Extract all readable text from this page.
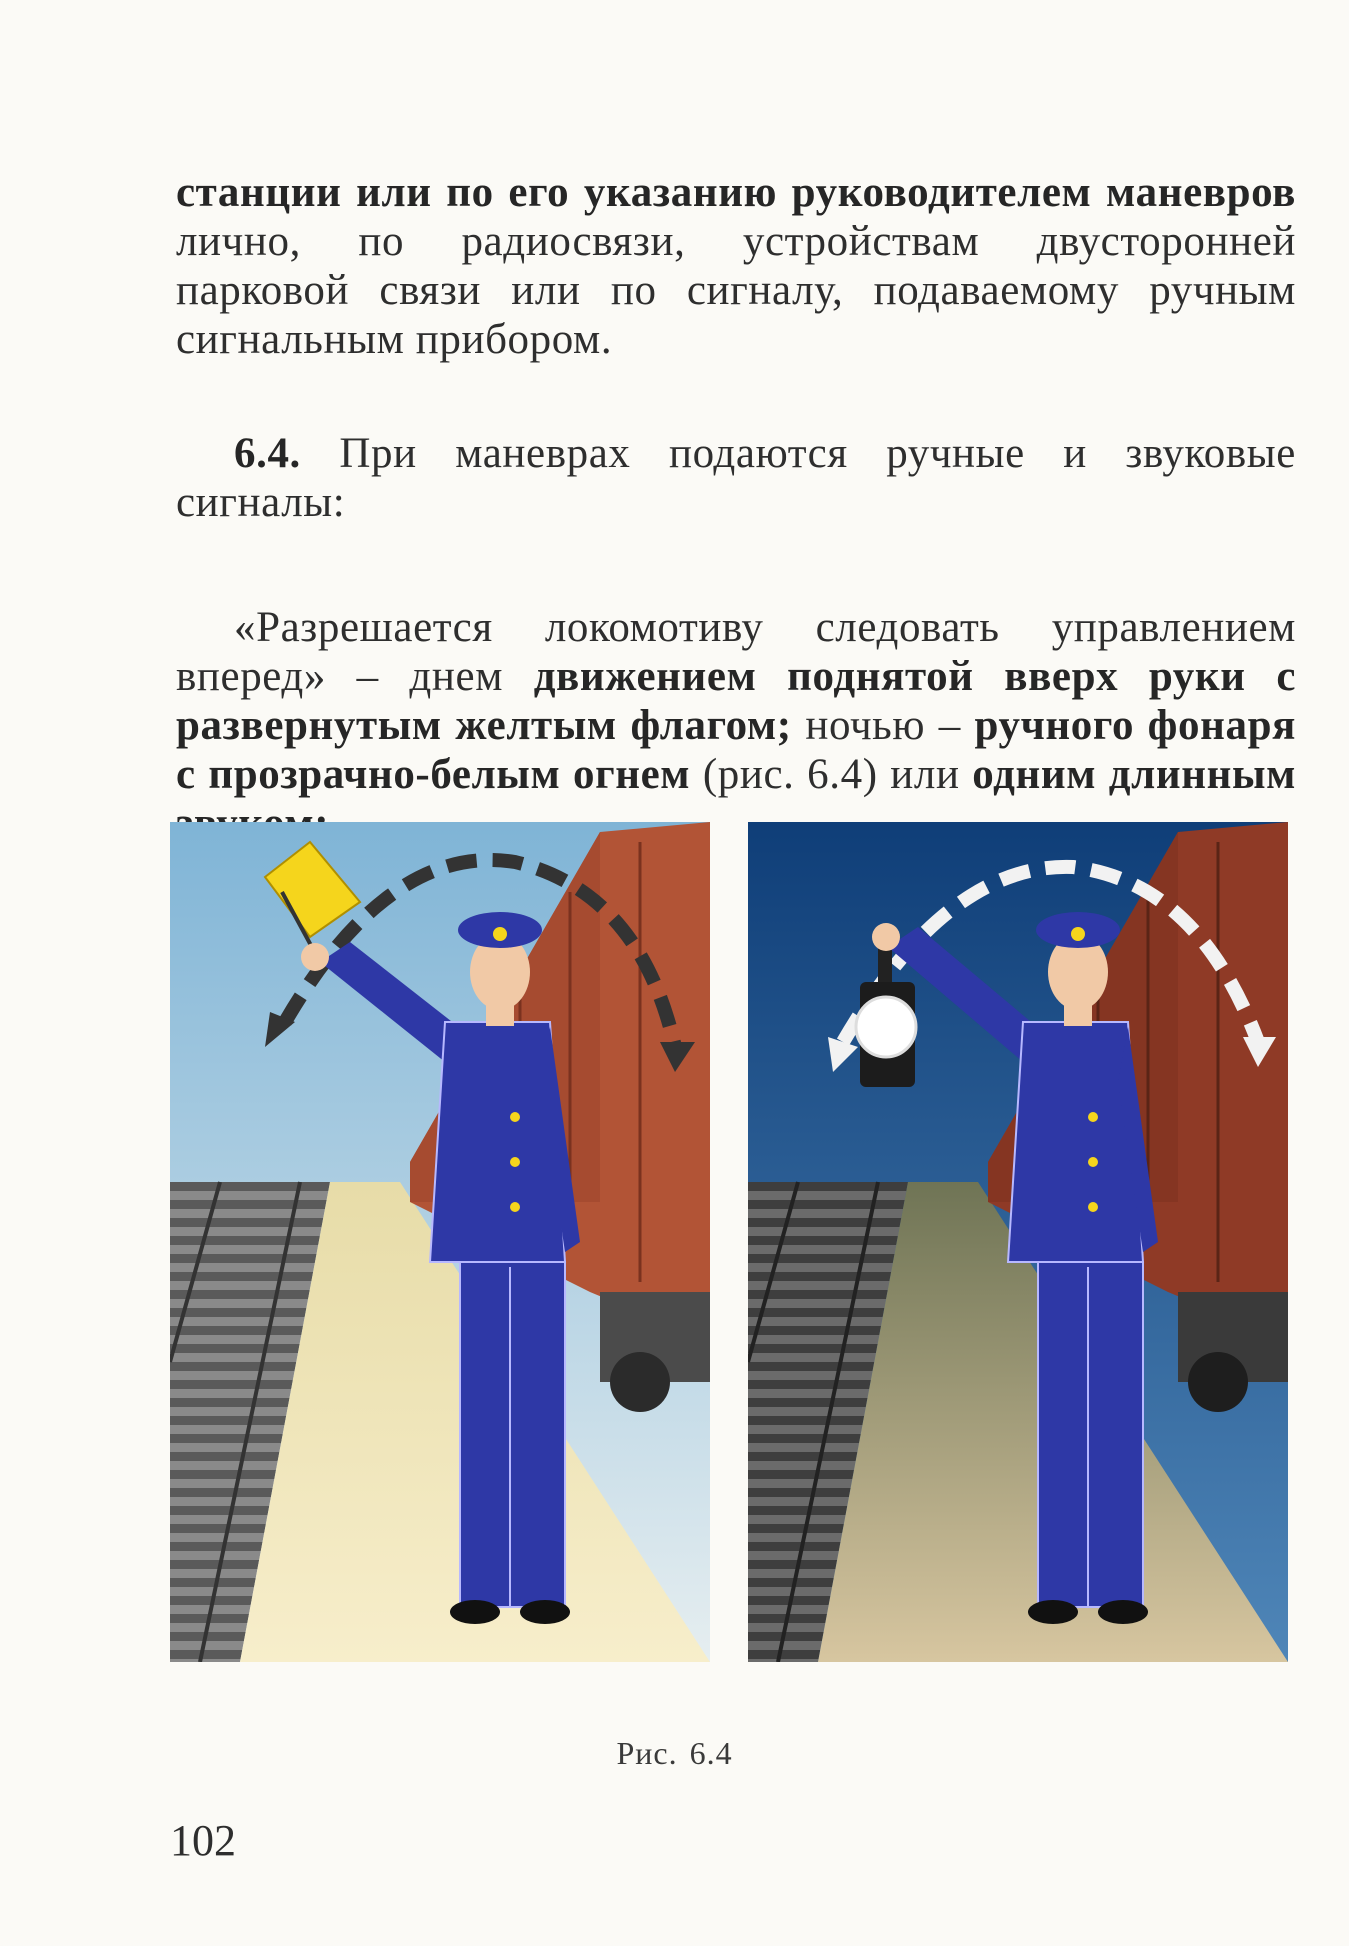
станции или по его указанию руководителем маневров лично, по радиосвязи, устройствам двусторонней парковой связи или по сигналу, подаваемому ручным сигнальным прибором.

6.4. При маневрах подаются ручные и звуковые сигналы:

«Разрешается локомотиву следовать управлением вперед» – днем движением поднятой вверх руки с развернутым желтым флагом; ночью – ручного фонаря с прозрачно-белым огнем (рис. 6.4) или одним длинным

Рис. 6.4
102
